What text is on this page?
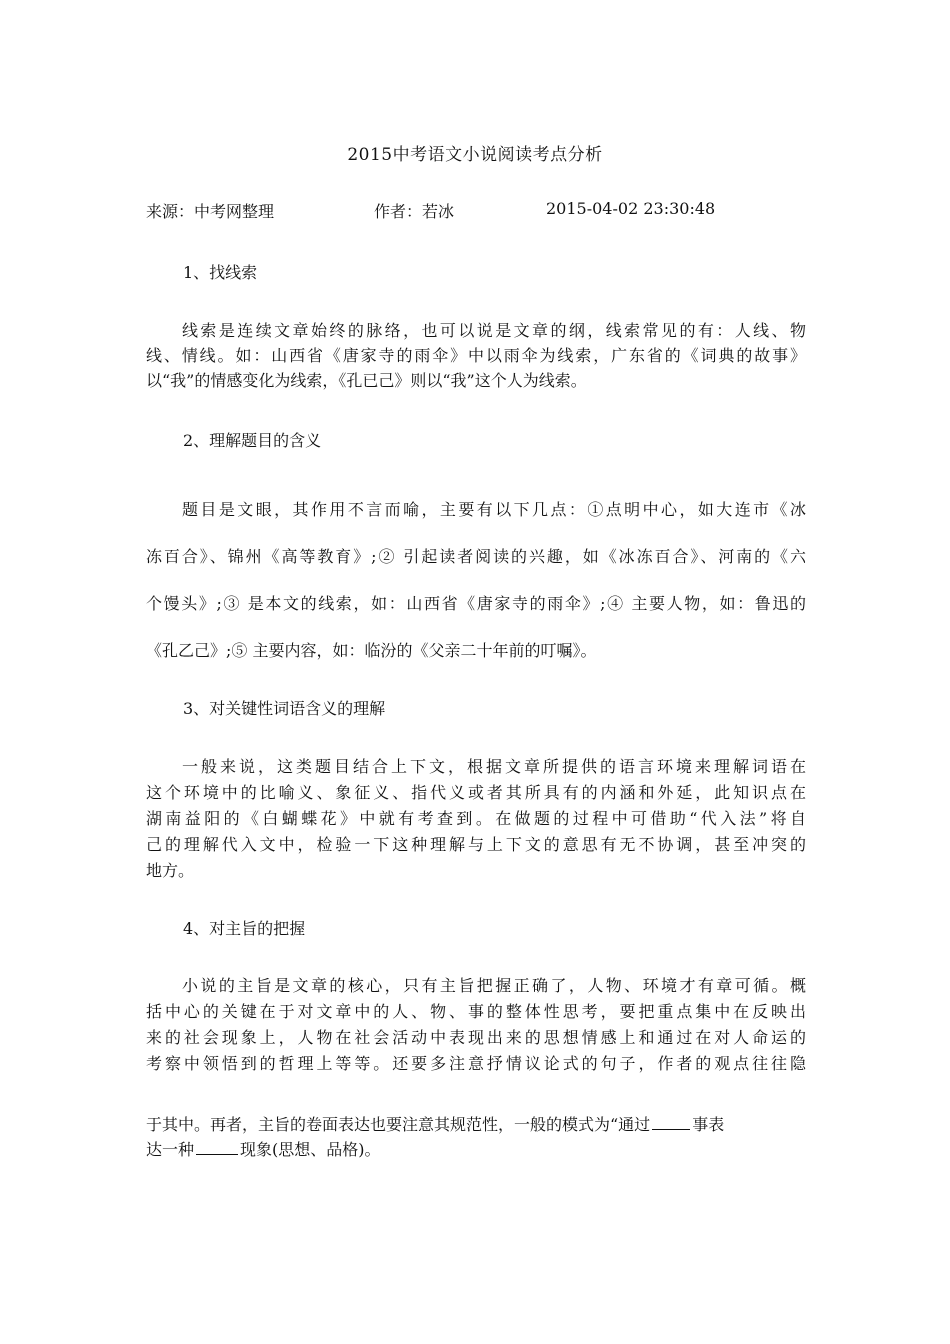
2015中考语文小说阅读考点分析
来源：中考网整理	作者：若冰	2015-04-02 23:30:48
1、找线索
线索是连续文章始终的脉络，也可以说是文章的纲，线索常见的有：人线、物
线、情线。如：山西省《唐家寺的雨伞》中以雨伞为线索，广东省的《词典的故事》
以“我”的情感变化为线索，《孔已己》则以“我”这个人为线索。
2、理解题目的含义
题目是文眼，其作用不言而喻，主要有以下几点：①点明中心，如大连市《冰
冻百合》、锦州《高等教育》;② 引起读者阅读的兴趣，如《冰冻百合》、河南的《六
个馒头》;③ 是本文的线索，如：山西省《唐家寺的雨伞》;④ 主要人物，如：鲁迅的
《孔乙己》;⑤ 主要内容，如：临汾的《父亲二十年前的叮嘱》。
3、对关键性词语含义的理解
一般来说，这类题目结合上下文，根据文章所提供的语言环境来理解词语在
这个环境中的比喻义、象征义、指代义或者其所具有的内涵和外延，此知识点在
湖南益阳的《白蝴蝶花》中就有考查到。在做题的过程中可借助“代入法”将自
己的理解代入文中，检验一下这种理解与上下文的意思有无不协调，甚至冲突的
地方。
4、对主旨的把握
小说的主旨是文章的核心，只有主旨把握正确了，人物、环境才有章可循。概
括中心的关键在于对文章中的人、物、事的整体性思考，要把重点集中在反映出
来的社会现象上，人物在社会活动中表现出来的思想情感上和通过在对人命运的
考察中领悟到的哲理上等等。还要多注意抒情议论式的句子，作者的观点往往隐
于其中。再者，主旨的卷面表达也要注意其规范性，一般的模式为“通过	事表
达一种	现象(思想、品格)。
